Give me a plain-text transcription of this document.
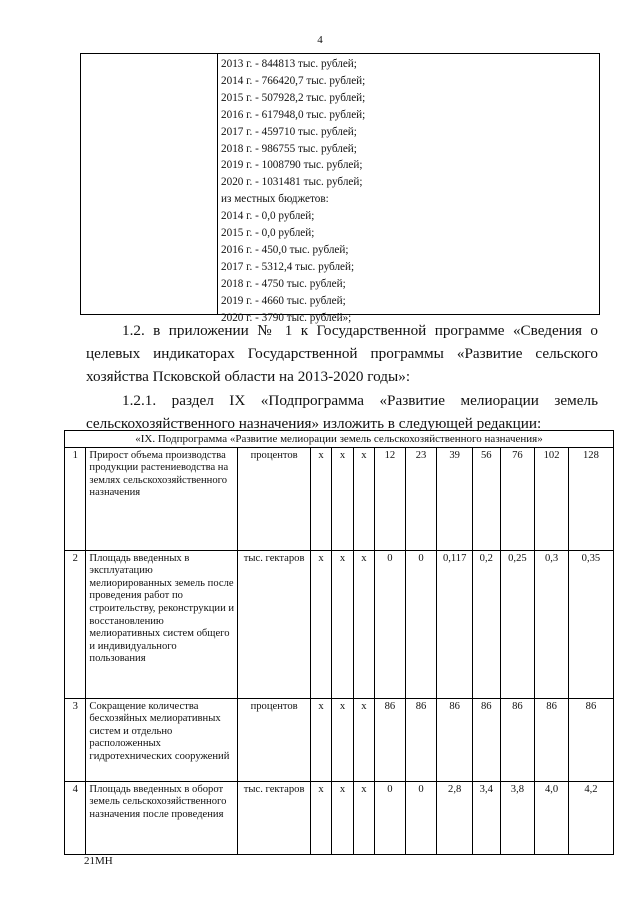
4
2013 г. - 844813 тыс. рублей;
2014 г. - 766420,7 тыс. рублей;
2015 г. - 507928,2 тыс. рублей;
2016 г. - 617948,0 тыс. рублей;
2017 г. - 459710 тыс. рублей;
2018 г. - 986755 тыс. рублей;
2019 г. - 1008790 тыс. рублей;
2020 г. - 1031481 тыс. рублей;
из местных бюджетов:
2014 г. - 0,0 рублей;
2015 г. - 0,0 рублей;
2016 г. - 450,0 тыс. рублей;
2017 г. - 5312,4 тыс. рублей;
2018 г. - 4750 тыс. рублей;
2019 г. - 4660 тыс. рублей;
2020 г. - 3790 тыс. рублей»;
1.2. в приложении № 1 к Государственной программе «Сведения о целевых индикаторах Государственной программы «Развитие сельского хозяйства Псковской области на 2013-2020 годы»:
1.2.1. раздел IX «Подпрограмма «Развитие мелиорации земель сельскохозяйственного назначения» изложить в следующей редакции:
«IX. Подпрограмма «Развитие мелиорации земель сельскохозяйственного назначения»												
1	Прирост объема производства продукции растениеводства на землях сельскохозяйственного назначения	процентов	х	х	х	12	23	39	56	76	102	128
2	Площадь введенных в эксплуатацию мелиорированных земель после проведения работ по строительству, реконструкции и восстановлению мелиоративных систем общего и индивидуального пользования	тыс. гектаров	х	х	х	0	0	0,117	0,2	0,25	0,3	0,35
3	Сокращение количества бесхозяйных мелиоративных систем и отдельно расположенных гидротехнических сооружений	процентов	х	х	х	86	86	86	86	86	86	86
4	Площадь введенных в оборот земель сельскохозяйственного назначения после проведения	тыс. гектаров	х	х	х	0	0	2,8	3,4	3,8	4,0	4,2
21МН
